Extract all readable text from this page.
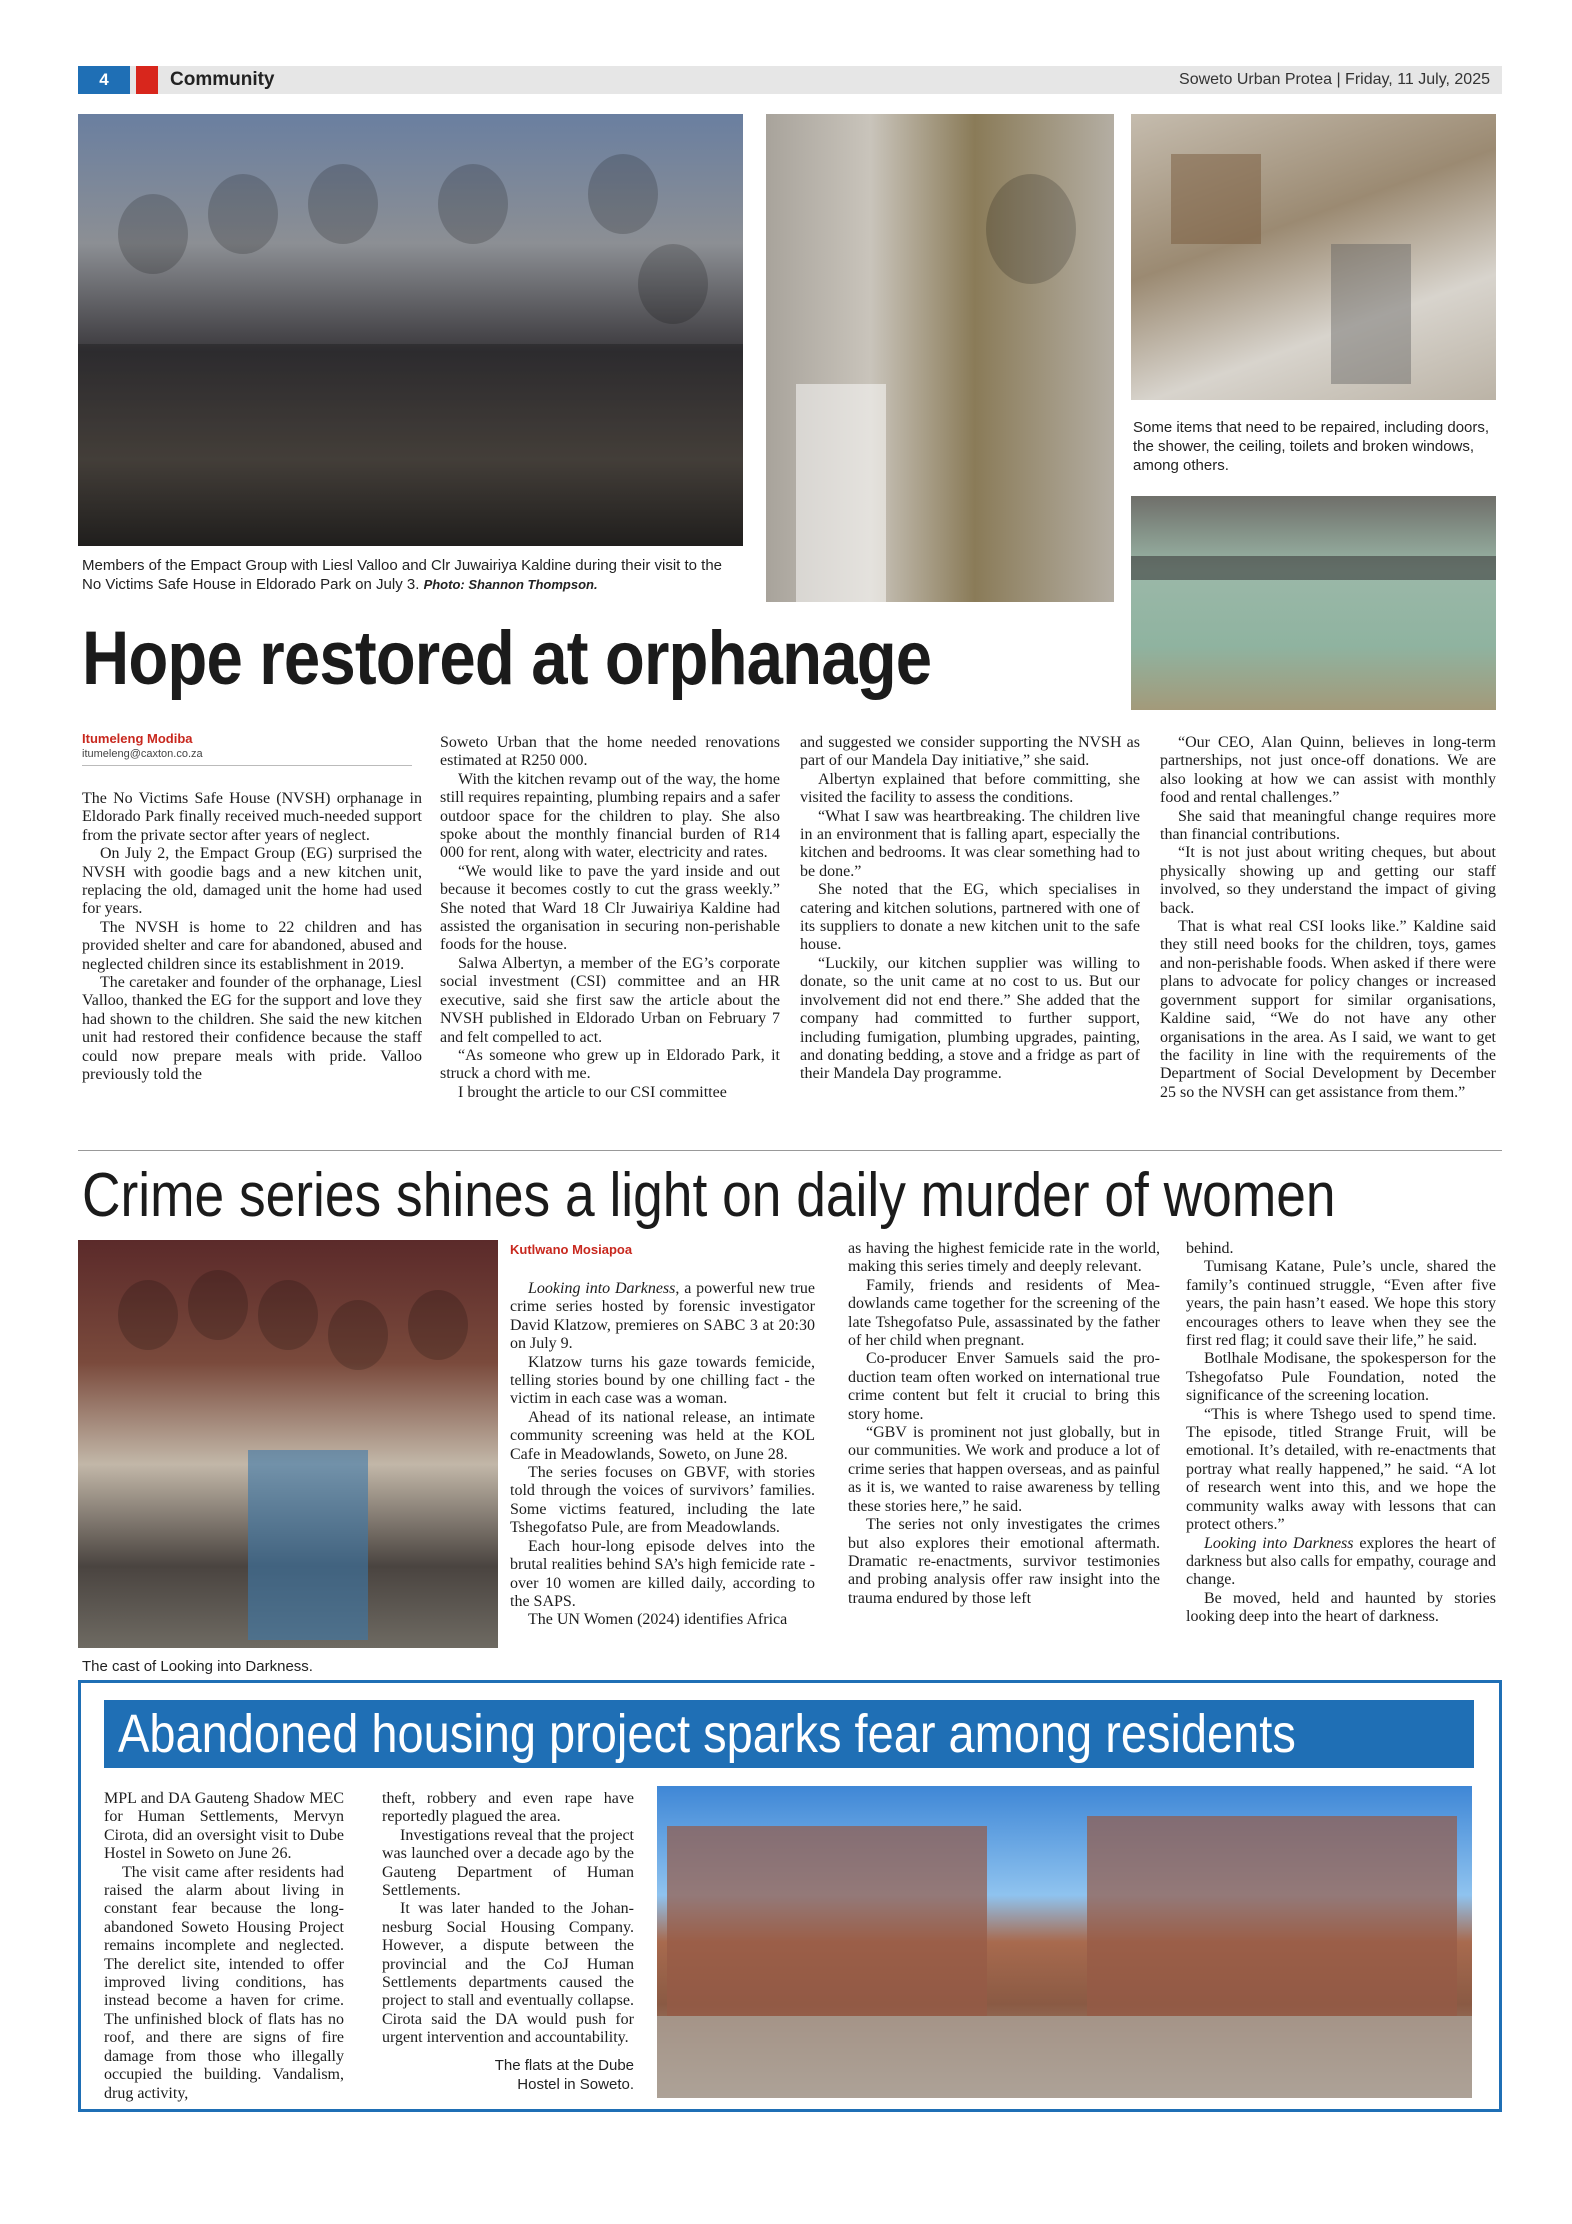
4	Community	Soweto Urban Protea | Friday, 11 July, 2025
Members of the Empact Group with Liesl Valloo and Clr Juwairiya Kaldine during their visit to the No Victims Safe House in Eldorado Park on July 3. Photo: Shannon Thompson.
Some items that need to be repaired, including doors, the shower, the ceiling, toilets and broken windows, among others.
Hope restored at orphanage
Itumeleng Modiba
itumeleng@caxton.co.za

The No Victims Safe House (NVSH) orphanage in Eldorado Park finally received much-needed support from the private sector after years of neglect.

On July 2, the Empact Group (EG) surprised the NVSH with goodie bags and a new kitchen unit, replacing the old, damaged unit the home had used for years.

The NVSH is home to 22 children and has provided shelter and care for abandoned, abused and neglected children since its establishment in 2019.

The caretaker and founder of the orphanage, Liesl Valloo, thanked the EG for the support and love they had shown to the children. She said the new kitchen unit had restored their confidence because the staff could now prepare meals with pride. Valloo previously told the

Soweto Urban that the home needed renovations estimated at R250 000.

With the kitchen revamp out of the way, the home still requires repainting, plumbing repairs and a safer outdoor space for the children to play. She also spoke about the monthly financial burden of R14 000 for rent, along with water, electricity and rates.

“We would like to pave the yard inside and out because it becomes costly to cut the grass weekly.” She noted that Ward 18 Clr Juwairiya Kaldine had assisted the organisation in securing non-perishable foods for the house.

Salwa Albertyn, a member of the EG’s corporate social investment (CSI) committee and an HR executive, said she first saw the article about the NVSH published in Eldorado Urban on February 7 and felt compelled to act.

“As someone who grew up in Eldorado Park, it struck a chord with me.

I brought the article to our CSI committee

and suggested we consider supporting the NVSH as part of our Mandela Day initiative,” she said.

Albertyn explained that before committing, she visited the facility to assess the conditions.

“What I saw was heartbreaking. The children live in an environment that is falling apart, especially the kitchen and bedrooms. It was clear something had to be done.”

She noted that the EG, which specialises in catering and kitchen solutions, partnered with one of its suppliers to donate a new kitchen unit to the safe house.

“Luckily, our kitchen supplier was willing to donate, so the unit came at no cost to us. But our involvement did not end there.” She added that the company had committed to further support, including fumigation, plumbing upgrades, painting, and donating bedding, a stove and a fridge as part of their Mandela Day programme.

“Our CEO, Alan Quinn, believes in long-term partnerships, not just once-off donations. We are also looking at how we can assist with monthly food and rental challenges.”

She said that meaningful change requires more than financial contributions.

“It is not just about writing cheques, but about physically showing up and getting our staff involved, so they understand the impact of giving back.

That is what real CSI looks like.” Kaldine said they still need books for the children, toys, games and non-perishable foods. When asked if there were plans to advocate for policy changes or increased government support for similar organisations, Kaldine said, “We do not have any other organisations in the area. As I said, we want to get the facility in line with the requirements of the Department of Social Development by December 25 so the NVSH can get assistance from them.”

Crime series shines a light on daily murder of women
The cast of Looking into Darkness.
Kutlwano Mosiapoa

Looking into Darkness, a powerful new true crime series hosted by forensic investigator David Klatzow, premieres on SABC 3 at 20:30 on July 9.

Klatzow turns his gaze towards femicide, telling stories bound by one chilling fact - the victim in each case was a woman.

Ahead of its national release, an intimate community screening was held at the KOL Cafe in Meadowlands, Soweto, on June 28.

The series focuses on GBVF, with stories told through the voices of survivors’ families. Some victims featured, including the late Tshegofatso Pule, are from Meadowlands.

Each hour-long episode delves into the brutal realities behind SA’s high femicide rate - over 10 women are killed daily, according to the SAPS.

The UN Women (2024) identifies Africa

as having the highest femicide rate in the world, making this series timely and deeply relevant.

Family, friends and residents of Meadowlands came together for the screening of the late Tshegofatso Pule, assassinated by the father of her child when pregnant.

Co-producer Enver Samuels said the production team often worked on international true crime content but felt it crucial to bring this story home.

“GBV is prominent not just globally, but in our communities. We work and produce a lot of crime series that happen overseas, and as painful as it is, we wanted to raise awareness by telling these stories here,” he said.

The series not only investigates the crimes but also explores their emotional aftermath. Dramatic re-enactments, survivor testimonies and probing analysis offer raw insight into the trauma endured by those left

behind.

Tumisang Katane, Pule’s uncle, shared the family’s continued struggle, “Even after five years, the pain hasn’t eased. We hope this story encourages others to leave when they see the first red flag; it could save their life,” he said.

Botlhale Modisane, the spokesperson for the Tshegofatso Pule Foundation, noted the significance of the screening location.

“This is where Tshego used to spend time. The episode, titled Strange Fruit, will be emotional. It’s detailed, with re-enactments that portray what really happened,” he said. “A lot of research went into this, and we hope the community walks away with lessons that can protect others.”

Looking into Darkness explores the heart of darkness but also calls for empathy, courage and change.

Be moved, held and haunted by stories looking deep into the heart of darkness.

Abandoned housing project sparks fear among residents

MPL and DA Gauteng Shadow MEC for Human Settlements, Mervyn Cirota, did an oversight visit to Dube Hostel in Soweto on June 26.

The visit came after residents had raised the alarm about living in constant fear because the long-abandoned Soweto Housing Project remains incomplete and neglected. The derelict site, intended to offer improved living conditions, has instead become a haven for crime. The unfinished block of flats has no roof, and there are signs of fire damage from those who illegally occupied the building. Vandalism, drug activity,

theft, robbery and even rape have reportedly plagued the area.

Investigations reveal that the project was launched over a decade ago by the Gauteng Department of Human Settlements.

It was later handed to the Johannesburg Social Housing Company. However, a dispute between the provincial and the CoJ Human Settlements departments caused the project to stall and eventually collapse. Cirota said the DA would push for urgent intervention and accountability.

The flats at the Dube Hostel in Soweto.
